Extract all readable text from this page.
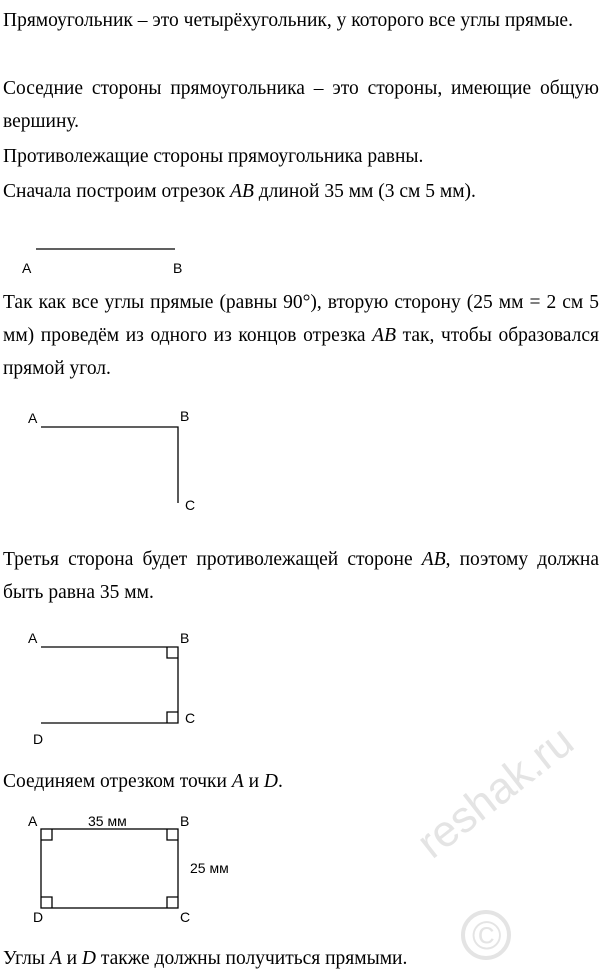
Прямоугольник – это четырёхугольник, у которого все углы прямые.
Соседние стороны прямоугольника – это стороны, имеющие общую вершину.
Противолежащие стороны прямоугольника равны.
Сначала построим отрезок AB длиной 35 мм (3 см 5 мм).
A	B
Так как все углы прямые (равны 90°), вторую сторону (25 мм = 2 см 5 мм) проведём из одного из концов отрезка AB так, чтобы образовался прямой угол.
A	B
C
Третья сторона будет противолежащей стороне AB, поэтому должна быть равна 35 мм.
A	B
C
D
Соединяем отрезком точки A и D.
A	B
C
D
35 мм
25 мм
reshak.ru
©
Углы A и D также должны получиться прямыми.
